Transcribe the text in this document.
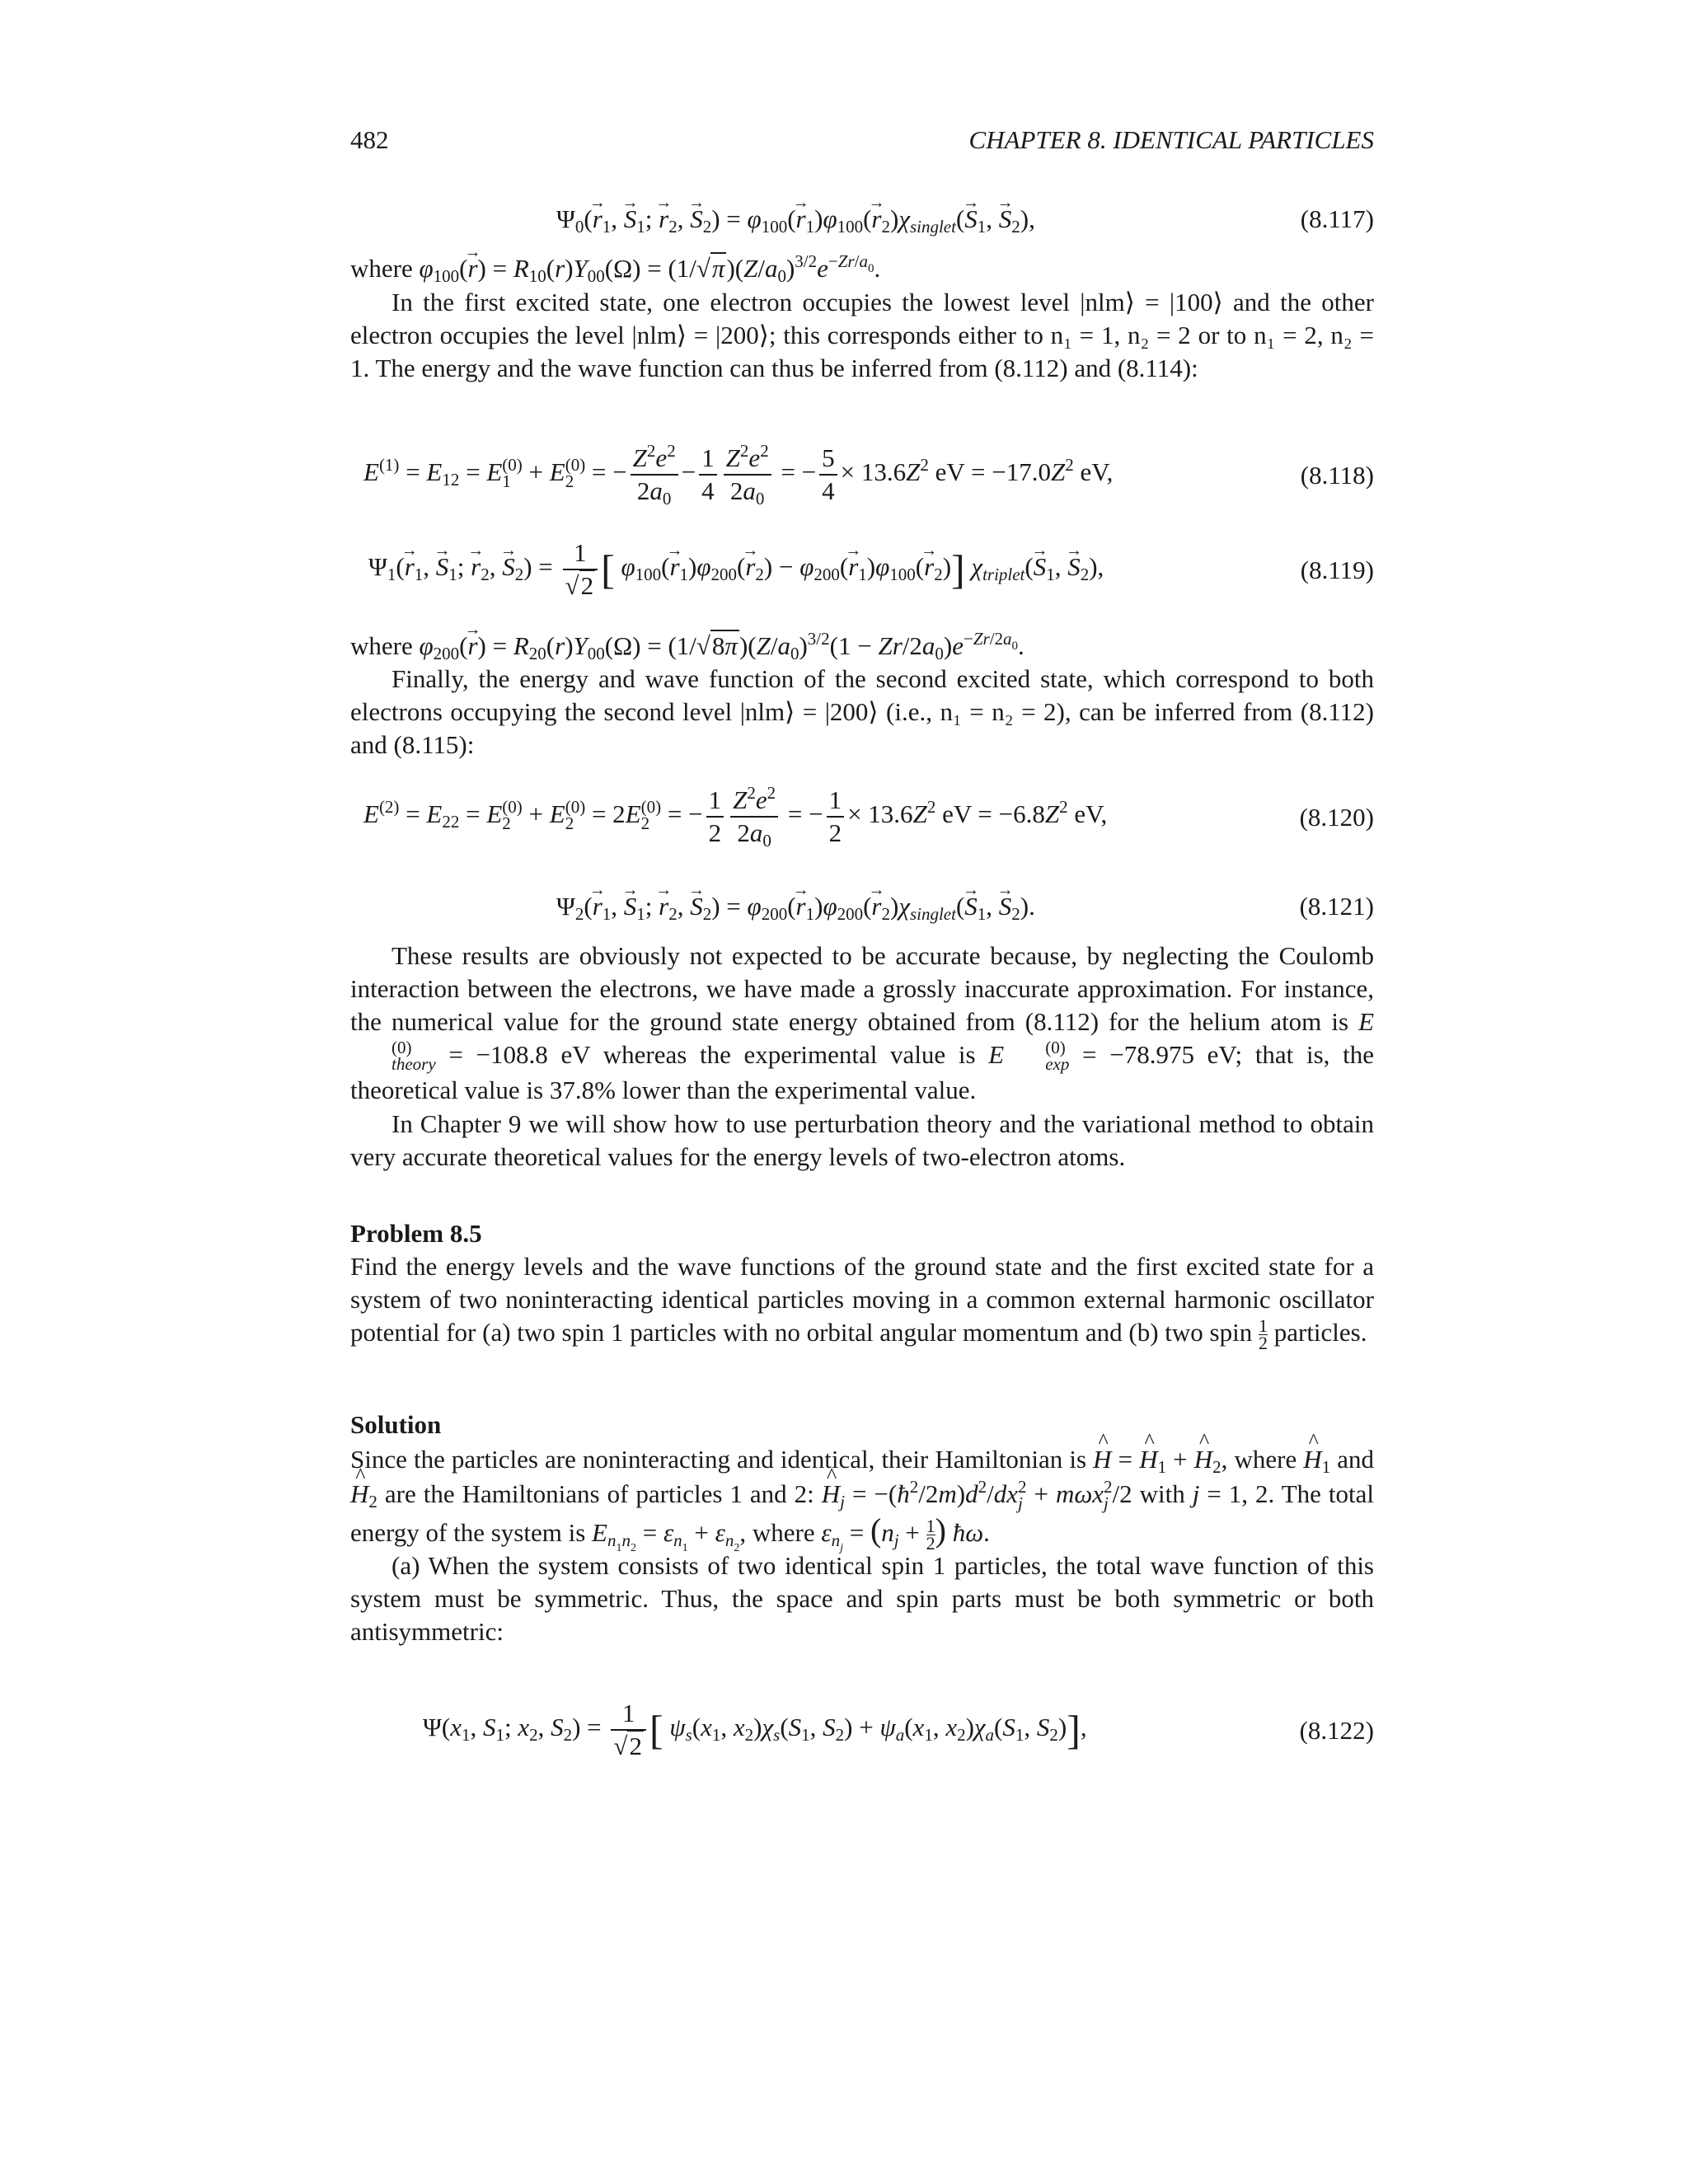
482	CHAPTER 8. IDENTICAL PARTICLES
$\Psi_0(\to r_1$, → $S_1$; → $r_2$, → $S_2) = \varphi_{100}(\to r_1)\varphi_{100}(\to r_2)\chi_{singlet}(\to S_1$, → $S_2$),	(8.117)
where $\varphi_{100}(\to r) = R_{10}(r)Y_{00}(\Omega) = (1/√\pi)(Z/a_0)^{3/2}e^{-Zr/a_0}$.
In the first excited state, one electron occupies the lowest level |nlm⟩ = |100⟩ and the other electron occupies the level |nlm⟩ = |200⟩; this corresponds either to n₁ = 1, n₂ = 2 or to n₁ = 2, n₂ = 1. The energy and the wave function can thus be inferred from (8.112) and (8.114):
$E^{(1)} = E_{12} = E$ (0)
1 + E (0)
2 = − $\frac{Z^2e^2}{2a_0} - \frac{1}{4} \frac{Z^2e^2}{2a_0}$ = − $\frac{5}{4} \times 13.6Z^2$ eV = $-17.0Z^2$ eV,	(8.118)
$\Psi_1(\to r_1$, → $S_1$; → $r_2$, → $S_2) = \frac{1}{√2}$ [ $\varphi_{100}(\to r_1)\varphi_{200}(\to r_2) - \varphi_{200}(\to r_1)\varphi_{100}(\to r_2)$] $\chi_{triplet}(\to S_1$, → $S_2$),	(8.119)
where $\varphi_{200}(\to r) = R_{20}(r)Y_{00}(\Omega) = (1/√8\pi)(Z/a_0)^{3/2}(1 - Zr/2a_0)e^{-Zr/2a_0}$.
Finally, the energy and wave function of the second excited state, which correspond to both electrons occupying the second level |nlm⟩ = |200⟩ (i.e., n₁ = n₂ = 2), can be inferred from (8.112) and (8.115):
$E^{(2)} = E_{22} = E$ (0)
2 + E (0)
2 = 2E (0)
2 = − $\frac{1}{2} \frac{Z^2e^2}{2a_0}$ = − $\frac{1}{2} \times 13.6Z^2$ eV = $-6.8Z^2$ eV,	(8.120)
$\Psi_2(\to r_1$, → $S_1$; → $r_2$, → $S_2) = \varphi_{200}(\to r_1)\varphi_{200}(\to r_2)\chi_{singlet}(\to S_1$, → $S_2$).	(8.121)
These results are obviously not expected to be accurate because, by neglecting the Coulomb interaction between the electrons, we have made a grossly inaccurate approximation. For instance, the numerical value for the ground state energy obtained from (8.112) for the helium atom is E
(0)
theory = −108.8 eV whereas the experimental value is E	(0)
exp = −78.975 eV; that is, the theoretical value is 37.8% lower than the experimental value.
In Chapter 9 we will show how to use perturbation theory and the variational method to obtain very accurate theoretical values for the energy levels of two-electron atoms.
Problem 8.5
Find the energy levels and the wave functions of the ground state and the first excited state for a system of two noninteracting identical particles moving in a common external harmonic oscillator potential for (a) two spin 1 particles with no orbital angular momentum and (b) two spin $\frac{1}{2}$ particles.
Solution
Since the particles are noninteracting and identical, their Hamiltonian is ^ H = ^ $H_1$ + ^ $H_2$, where ^ $H_1$ and ^ $H_2$ are the Hamiltonians of particles 1 and 2: ^ $H_j$ = $-(ħ^2/2m)d^2/dx$ 2
j + mωx 2
j /2 with j = 1, 2. The total energy of the system is $E_{n_1n_2} = \varepsilon_{n_1} + \varepsilon_{n_2}$, where $\varepsilon_{n_j} = (n_j + \frac{1}{2}$ ) ħω.
(a) When the system consists of two identical spin 1 particles, the total wave function of this system must be symmetric. Thus, the space and spin parts must be both symmetric or both antisymmetric:
$\Psi(x_1$, $S_1$; $x_2$, $S_2) = \frac{1}{√2}$ [ $\psi_s(x_1$, $x_2)\chi_s(S_1$, $S_2) + \psi_a(x_1$, $x_2)\chi_a(S_1$, $S_2$)],	(8.122)
